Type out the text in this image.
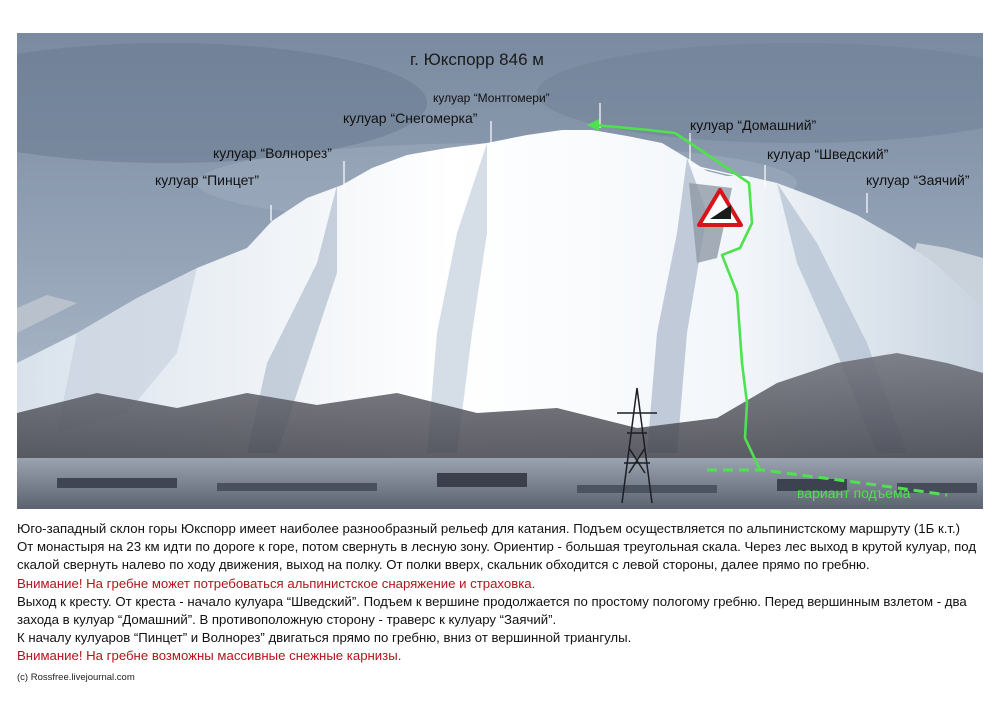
г. Юкспорр 846 м
кулуар “Пинцет”
кулуар “Волнорез”
кулуар “Снегомерка”
кулуар “Монтгомери”
кулуар “Домашний”
кулуар “Шведский”
кулуар “Заячий”
вариант подъема

Юго-западный склон горы Юкспорр имеет наиболее разнообразный рельеф для катания. Подъем осуществляется по альпинистскому маршруту (1Б к.т.)

От монастыря на 23 км идти по дороге к горе, потом свернуть в лесную зону. Ориентир - большая треугольная скала. Через лес выход в крутой кулуар, под скалой свернуть налево по ходу движения, выход на полку. От полки вверх, скальник обходится с левой стороны, далее прямо по гребню.

Внимание! На гребне может потребоваться альпинистское снаряжение и страховка.

Выход к кресту. От креста - начало кулуара “Шведский”. Подъем к вершине продолжается по простому пологому гребню. Перед вершинным взлетом - два захода в кулуар “Домашний”. В противоположную сторону - траверс к кулуару “Заячий”.

К началу кулуаров “Пинцет” и Волнорез” двигаться прямо по гребню, вниз от вершинной триангулы.

Внимание! На гребне возможны массивные снежные карнизы.

(c) Rossfree.livejournal.com
